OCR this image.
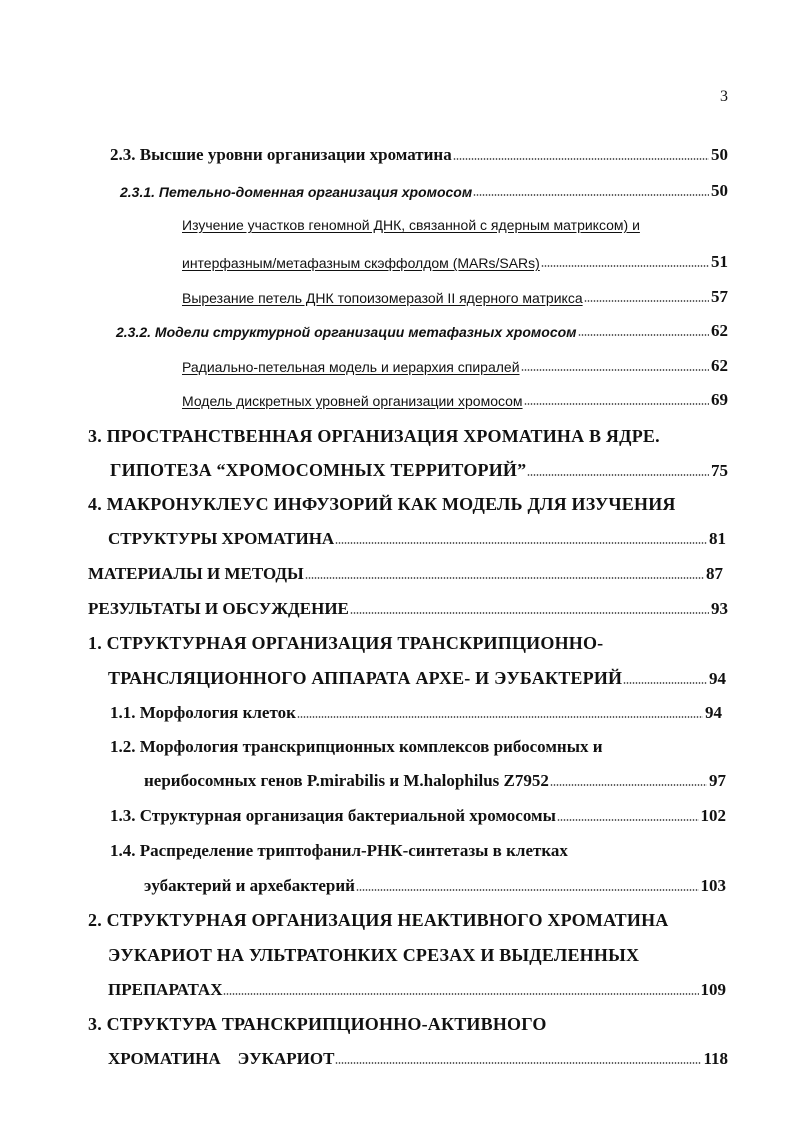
3
2.3. Высшие уровни организации хроматина	50
2.3.1. Петельно-доменная организация хромосом	50
Изучение участков геномной ДНК, связанной с ядерным матриксом) и
интерфазным/метафазным скэффолдом (MARs/SARs)	51
Вырезание петель ДНК топоизомеразой II ядерного матрикса	57
2.3.2. Модели структурной организации метафазных хромосом	62
Радиально-петельная модель и иерархия спиралей	62
Модель дискретных уровней организации хромосом	69
3. ПРОСТРАНСТВЕННАЯ ОРГАНИЗАЦИЯ ХРОМАТИНА В ЯДРЕ.
ГИПОТЕЗА “ХРОМОСОМНЫХ ТЕРРИТОРИЙ”	75
4. МАКРОНУКЛЕУС ИНФУЗОРИЙ КАК МОДЕЛЬ ДЛЯ ИЗУЧЕНИЯ
СТРУКТУРЫ ХРОМАТИНА	81
МАТЕРИАЛЫ И МЕТОДЫ	87
РЕЗУЛЬТАТЫ И ОБСУЖДЕНИЕ	93
1. СТРУКТУРНАЯ ОРГАНИЗАЦИЯ ТРАНСКРИПЦИОННО-
ТРАНСЛЯЦИОННОГО АППАРАТА АРХЕ- И ЭУБАКТЕРИЙ	94
1.1. Морфология клеток	94
1.2. Морфология транскрипционных комплексов рибосомных и
нерибосомных генов P.mirabilis и M.halophilus Z7952	97
1.3. Структурная организация бактериальной хромосомы	102
1.4. Распределение триптофанил-РНК-синтетазы в клетках
эубактерий и архебактерий	103
2. СТРУКТУРНАЯ ОРГАНИЗАЦИЯ НЕАКТИВНОГО ХРОМАТИНА
ЭУКАРИОТ НА УЛЬТРАТОНКИХ СРЕЗАХ И ВЫДЕЛЕННЫХ
ПРЕПАРАТАХ	109
3. СТРУКТУРА ТРАНСКРИПЦИОННО-АКТИВНОГО
ХРОМАТИНА    ЭУКАРИОТ	118
